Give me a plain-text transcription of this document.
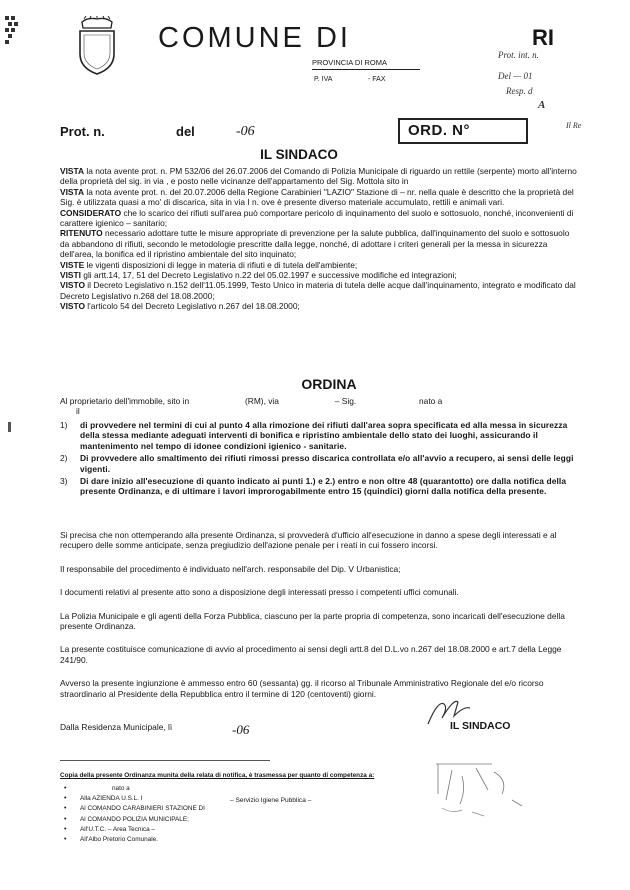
COMUNE DI	RI
PROVINCIA DI ROMA
P. IVA	- FAX
Prot. int. n.
Del — 01
Resp. d
A
Il Re
Prot. n.	del	-06	ORD. N°
IL SINDACO

VISTA la nota avente prot. n. PM 532/06 del 26.07.2006 del Comando di Polizia Municipale di riguardo un rettile (serpente) morto all'interno della proprietà del sig. in via , e posto nelle vicinanze dell'appartamento del Sig. Mottola sito in

VISTA la nota avente prot. n. del 20.07.2006 della Regione Carabinieri "LAZIO" Stazione di – nr. nella quale è descritto che la proprietà del Sig. è utilizzata quasi a mo' di discarica, sita in via I n. ove è presente diverso materiale accumulato, rettili e animali vari.

CONSIDERATO che lo scarico dei rifiuti sull'area può comportare pericolo di inquinamento del suolo e sottosuolo, nonché, inconvenienti di carattere igienico – sanitario;

RITENUTO necessario adottare tutte le misure appropriate di prevenzione per la salute pubblica, dall'inquinamento del suolo e sottosuolo da abbandono di rifiuti, secondo le metodologie prescritte dalla legge, nonché, di adottare i criteri generali per la messa in sicurezza dell'area, la bonifica ed il ripristino ambientale del sito inquinato;

VISTE le vigenti disposizioni di legge in materia di rifiuti e di tutela dell'ambiente;

VISTI gli artt.14, 17, 51 del Decreto Legislativo n.22 del 05.02.1997 e successive modifiche ed integrazioni;

VISTO il Decreto Legislativo n.152 dell'11.05.1999, Testo Unico in materia di tutela delle acque dall'inquinamento, integrato e modificato dal Decreto Legislativo n.268 del 18.08.2000;

VISTO l'articolo 54 del Decreto Legislativo n.267 del 18.08.2000;

ORDINA
Al proprietario dell'immobile, sito in                        (RM), via                        – Sig.                           nato a
il
1)	di provvedere nel termini di cui al punto 4 alla rimozione dei rifiuti dall'area sopra specificata ed alla messa in sicurezza della stessa mediante adeguati interventi di bonifica e ripristino ambientale dello stato dei luoghi, assicurando il mantenimento nel tempo di idonee condizioni igienico - sanitarie.
2)	Di provvedere allo smaltimento dei rifiuti rimossi presso discarica controllata e/o all'avvio a recupero, ai sensi delle leggi vigenti.
3)	Di dare inizio all'esecuzione di quanto indicato ai punti 1.) e 2.) entro e non oltre 48 (quarantotto) ore dalla notifica della presente Ordinanza, e di ultimare i lavori improrogabilmente entro 15 (quindici) giorni dalla notifica della presente.

Si precisa che non ottemperando alla presente Ordinanza, si provvederà d'ufficio all'esecuzione in danno a spese degli interessati e al recupero delle somme anticipate, senza pregiudizio dell'azione penale per i reati in cui fossero incorsi.

Il responsabile del procedimento è individuato nell'arch. responsabile del Dip. V Urbanistica;

I documenti relativi al presente atto sono a disposizione degli interessati presso i competenti uffici comunali.

La Polizia Municipale e gli agenti della Forza Pubblica, ciascuno per la parte propria di competenza, sono incaricati dell'esecuzione della presente Ordinanza.

La presente costituisce comunicazione di avvio al procedimento ai sensi degli artt.8 del D.L.vo n.267 del 18.08.2000 e art.7 della Legge 241/90.

Avverso la presente ingiunzione è ammesso entro 60 (sessanta) gg. il ricorso al Tribunale Amministrativo Regionale del e/o ricorso straordinario al Presidente della Repubblica entro il termine di 120 (centoventi) giorni.

Dalla Residenza Municipale, lì	-06	IL SINDACO
Copia della presente Ordinanza munita della relata di notifica, è trasmessa per quanto di competenza a:
•                   nato a
• Alla AZIENDA U.S.L. I
• Al COMANDO CARABINIERI STAZIONE DI
• Al COMANDO POLIZIA MUNICIPALE;
• All'U.T.C. – Area Tecnica –
• All'Albo Pretorio Comunale.
– Servizio Igiene Pubblica –
